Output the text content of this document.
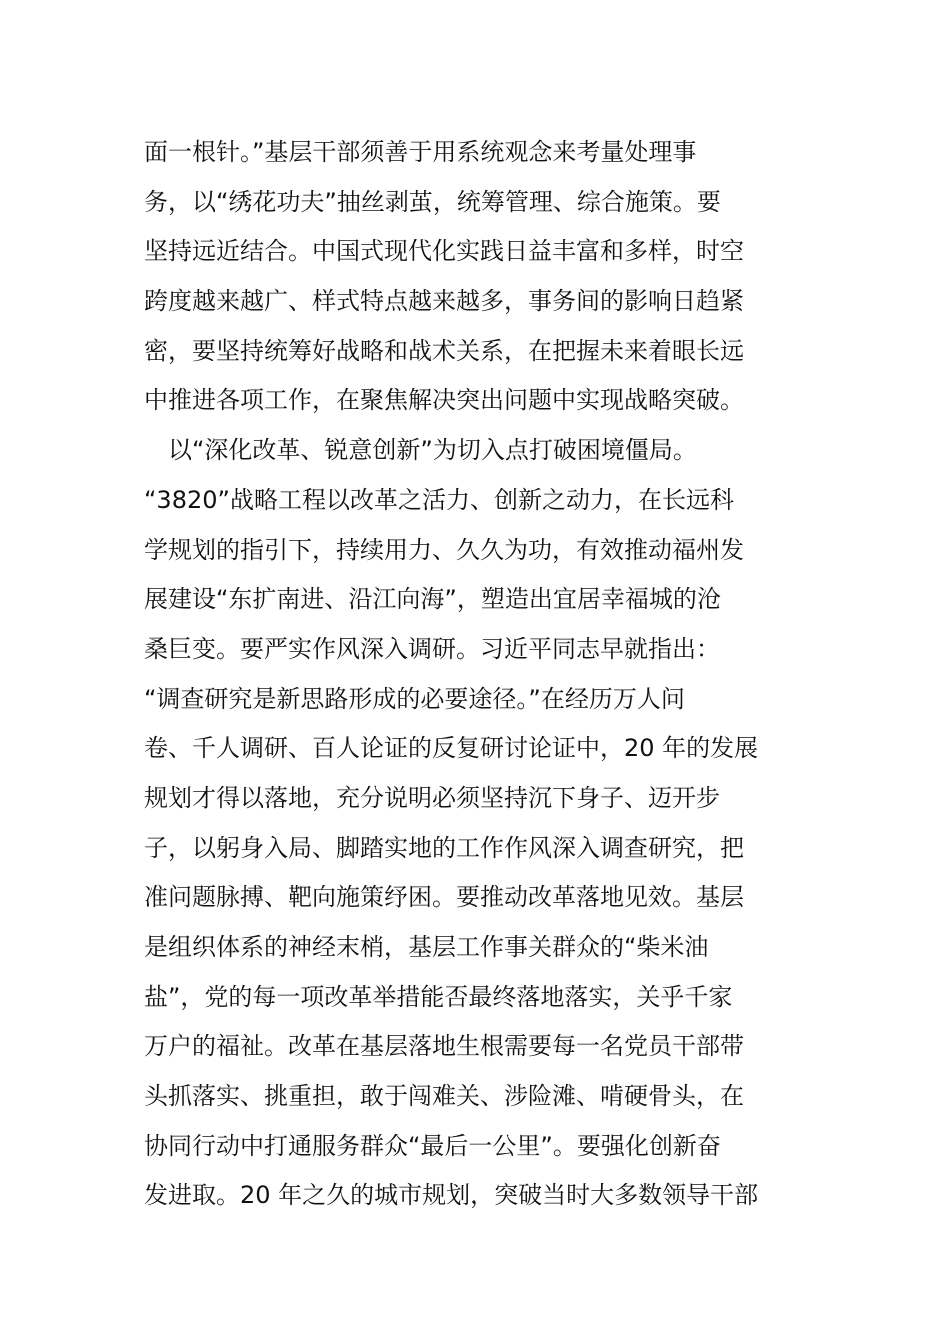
面一根针。”基层干部须善于用系统观念来考量处理事
务，以“绣花功夫”抽丝剥茧，统筹管理、综合施策。要
坚持远近结合。中国式现代化实践日益丰富和多样，时空
跨度越来越广、样式特点越来越多，事务间的影响日趋紧
密，要坚持统筹好战略和战术关系，在把握未来着眼长远
中推进各项工作，在聚焦解决突出问题中实现战略突破。
　以“深化改革、锐意创新”为切入点打破困境僵局。
“3820”战略工程以改革之活力、创新之动力，在长远科
学规划的指引下，持续用力、久久为功，有效推动福州发
展建设“东扩南进、沿江向海”，塑造出宜居幸福城的沧
桑巨变。要严实作风深入调研。习近平同志早就指出：
“调查研究是新思路形成的必要途径。”在经历万人问
卷、千人调研、百人论证的反复研讨论证中，20 年的发展
规划才得以落地，充分说明必须坚持沉下身子、迈开步
子，以躬身入局、脚踏实地的工作作风深入调查研究，把
准问题脉搏、靶向施策纾困。要推动改革落地见效。基层
是组织体系的神经末梢，基层工作事关群众的“柴米油
盐”，党的每一项改革举措能否最终落地落实，关乎千家
万户的福祉。改革在基层落地生根需要每一名党员干部带
头抓落实、挑重担，敢于闯难关、涉险滩、啃硬骨头，在
协同行动中打通服务群众“最后一公里”。要强化创新奋
发进取。20 年之久的城市规划，突破当时大多数领导干部
